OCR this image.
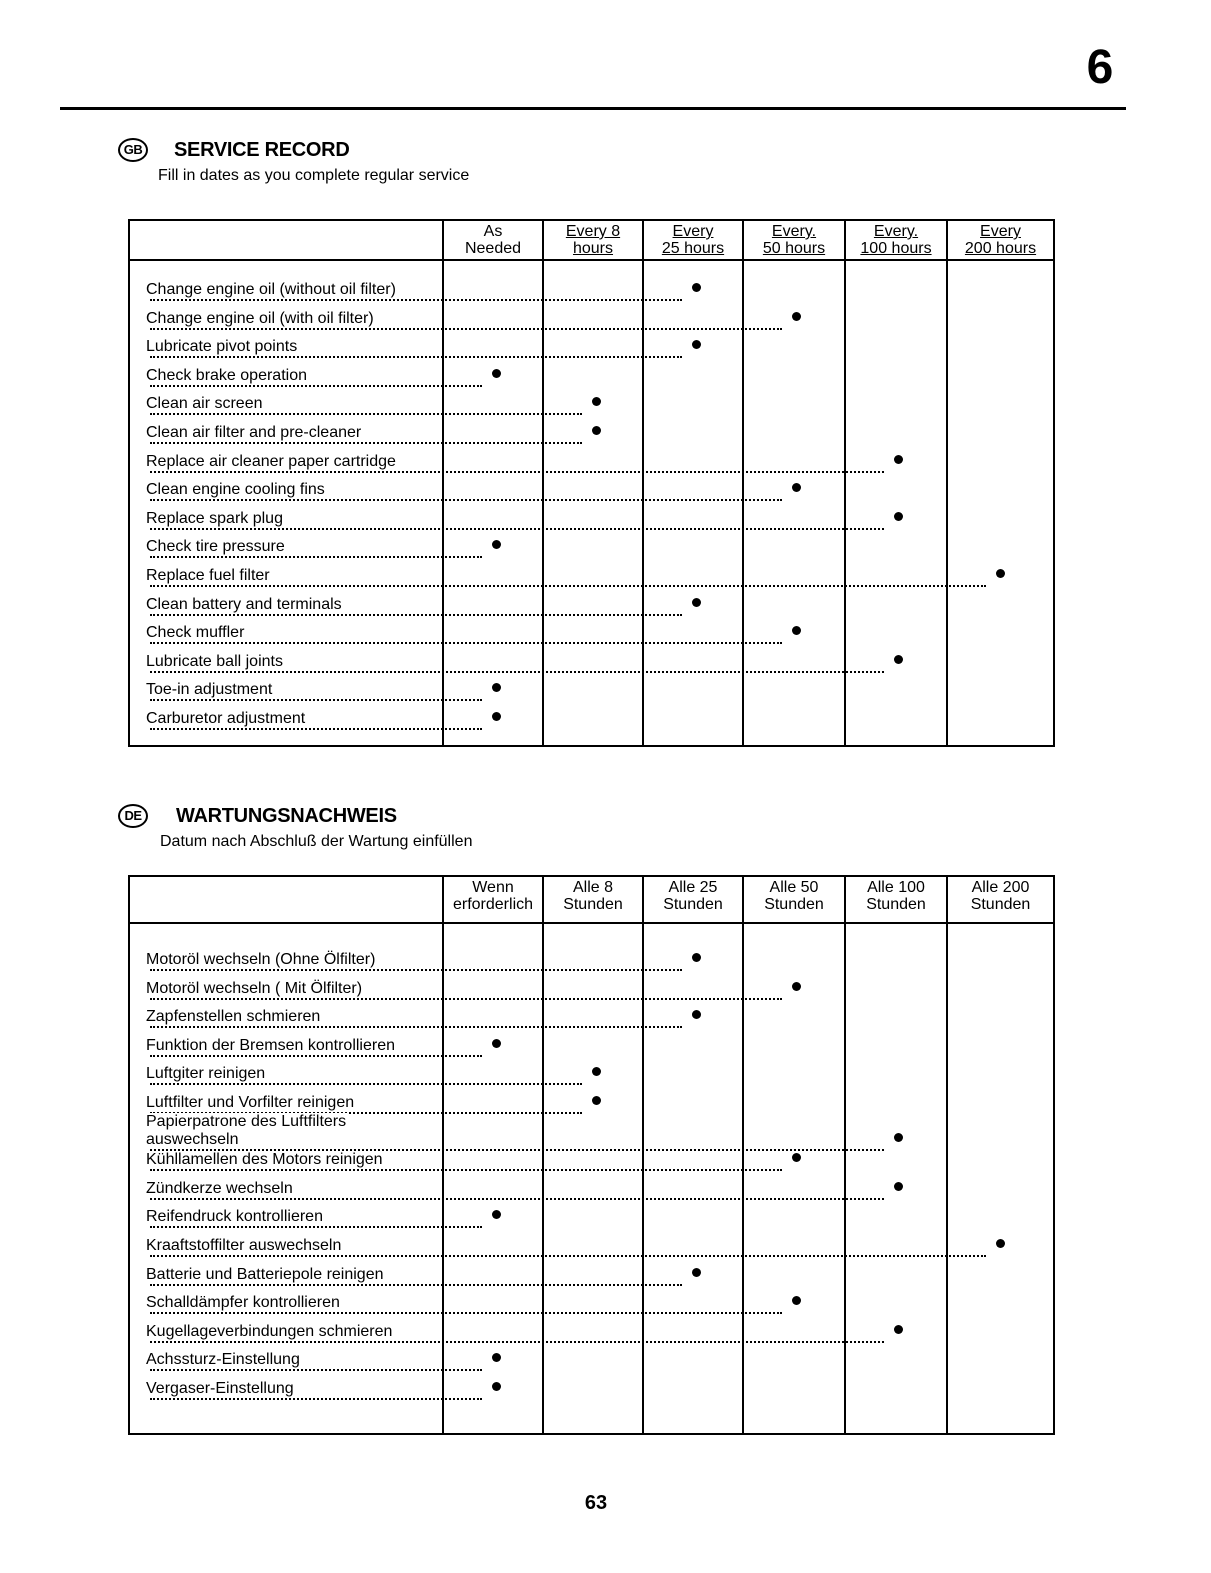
6
GB SERVICE RECORD
Fill in dates as you complete regular service
As
Needed
Every 8
hours
Every
25 hours
Every.
50 hours
Every.
100 hours
Every
200 hours
Change engine oil (without oil filter)
Change engine oil (with oil filter)
Lubricate pivot points
Check brake operation
Clean air screen
Clean air filter and pre-cleaner
Replace air cleaner paper cartridge
Clean engine cooling fins
Replace spark plug
Check tire pressure
Replace fuel filter
Clean battery and terminals
Check muffler
Lubricate ball joints
Toe-in adjustment
Carburetor adjustment
DE	WARTUNGSNACHWEIS
Datum nach Abschluß der Wartung einfüllen
Wenn
erforderlich
Alle 8
Stunden
Alle 25
Stunden
Alle 50
Stunden
Alle 100
Stunden
Alle 200
Stunden
Motoröl wechseln (Ohne Ölfilter)
Motoröl wechseln ( Mit Ölfilter)
Zapfenstellen schmieren
Funktion der Bremsen kontrollieren
Luftgiter reinigen
Luftfilter und Vorfilter reinigen
Papierpatrone des Luftfilters
auswechseln
Kühllamellen des Motors reinigen
Zündkerze wechseln
Reifendruck kontrollieren
Kraaftstoffilter auswechseln
Batterie und Batteriepole reinigen
Schalldämpfer kontrollieren
Kugellageverbindungen schmieren
Achssturz-Einstellung
Vergaser-Einstellung
63
